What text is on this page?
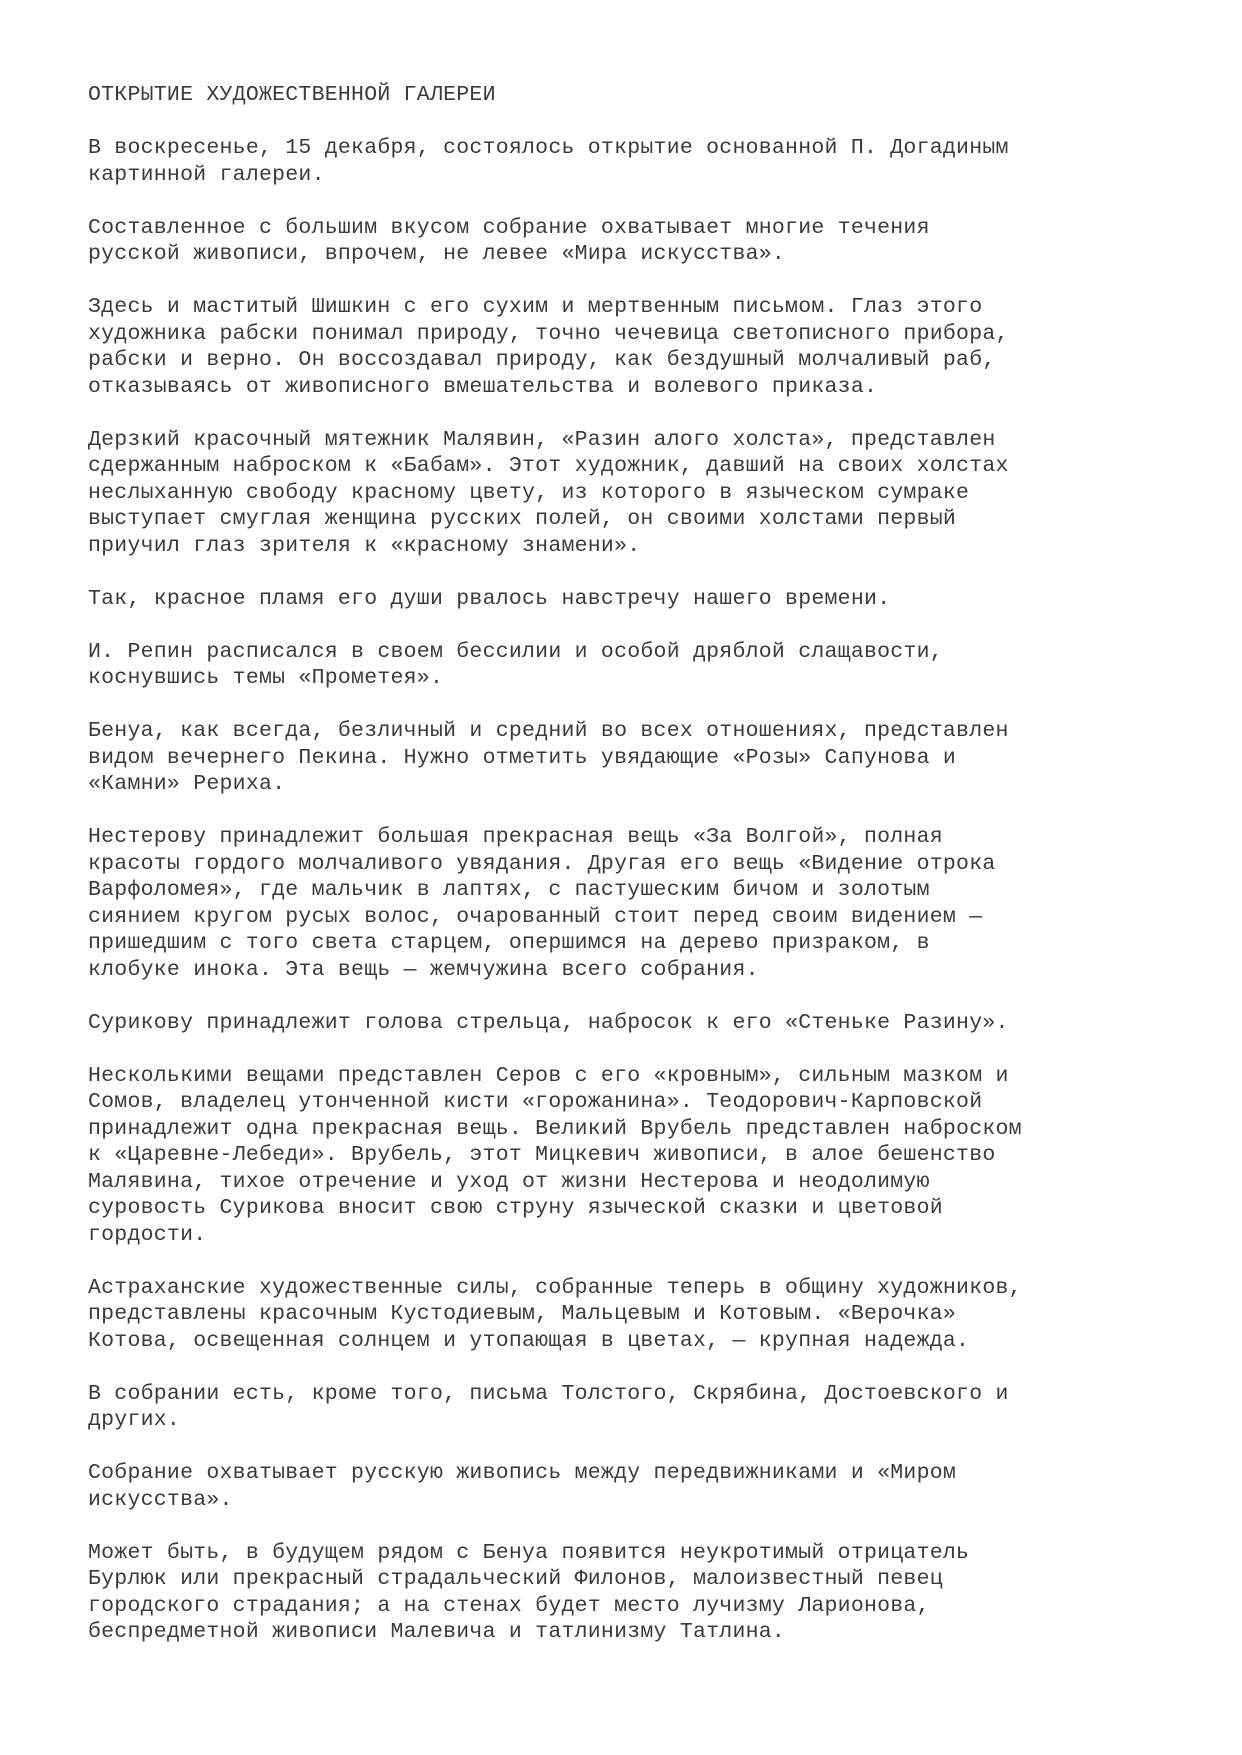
ОТКРЫТИЕ ХУДОЖЕСТВЕННОЙ ГАЛЕРЕИ

В воскресенье, 15 декабря, состоялось открытие основанной П. Догадиным
картинной галереи.

Составленное с большим вкусом собрание охватывает многие течения
русской живописи, впрочем, не левее «Мира искусства».

Здесь и маститый Шишкин с его сухим и мертвенным письмом. Глаз этого
художника рабски понимал природу, точно чечевица светописного прибора,
рабски и верно. Он воссоздавал природу, как бездушный молчаливый раб,
отказываясь от живописного вмешательства и волевого приказа.

Дерзкий красочный мятежник Малявин, «Разин алого холста», представлен
сдержанным наброском к «Бабам». Этот художник, давший на своих холстах
неслыханную свободу красному цвету, из которого в языческом сумраке
выступает смуглая женщина русских полей, он своими холстами первый
приучил глаз зрителя к «красному знамени».

Так, красное пламя его души рвалось навстречу нашего времени.

И. Репин расписался в своем бессилии и особой дряблой слащавости,
коснувшись темы «Прометея».

Бенуа, как всегда, безличный и средний во всех отношениях, представлен
видом вечернего Пекина. Нужно отметить увядающие «Розы» Сапунова и
«Камни» Рериха.

Нестерову принадлежит большая прекрасная вещь «За Волгой», полная
красоты гордого молчаливого увядания. Другая его вещь «Видение отрока
Варфоломея», где мальчик в лаптях, с пастушеским бичом и золотым
сиянием кругом русых волос, очарованный стоит перед своим видением —
пришедшим с того света старцем, опершимся на дерево призраком, в
клобуке инока. Эта вещь — жемчужина всего собрания.

Сурикову принадлежит голова стрельца, набросок к его «Стеньке Разину».

Несколькими вещами представлен Серов с его «кровным», сильным мазком и
Сомов, владелец утонченной кисти «горожанина». Теодорович-Карповской
принадлежит одна прекрасная вещь. Великий Врубель представлен наброском
к «Царевне-Лебеди». Врубель, этот Мицкевич живописи, в алое бешенство
Малявина, тихое отречение и уход от жизни Нестерова и неодолимую
суровость Сурикова вносит свою струну языческой сказки и цветовой
гордости.

Астраханские художественные силы, собранные теперь в общину художников,
представлены красочным Кустодиевым, Мальцевым и Котовым. «Верочка»
Котова, освещенная солнцем и утопающая в цветах, — крупная надежда.

В собрании есть, кроме того, письма Толстого, Скрябина, Достоевского и
других.

Собрание охватывает русскую живопись между передвижниками и «Миром
искусства».

Может быть, в будущем рядом с Бенуа появится неукротимый отрицатель
Бурлюк или прекрасный страдальческий Филонов, малоизвестный певец
городского страдания; а на стенах будет место лучизму Ларионова,
беспредметной живописи Малевича и татлинизму Татлина.
